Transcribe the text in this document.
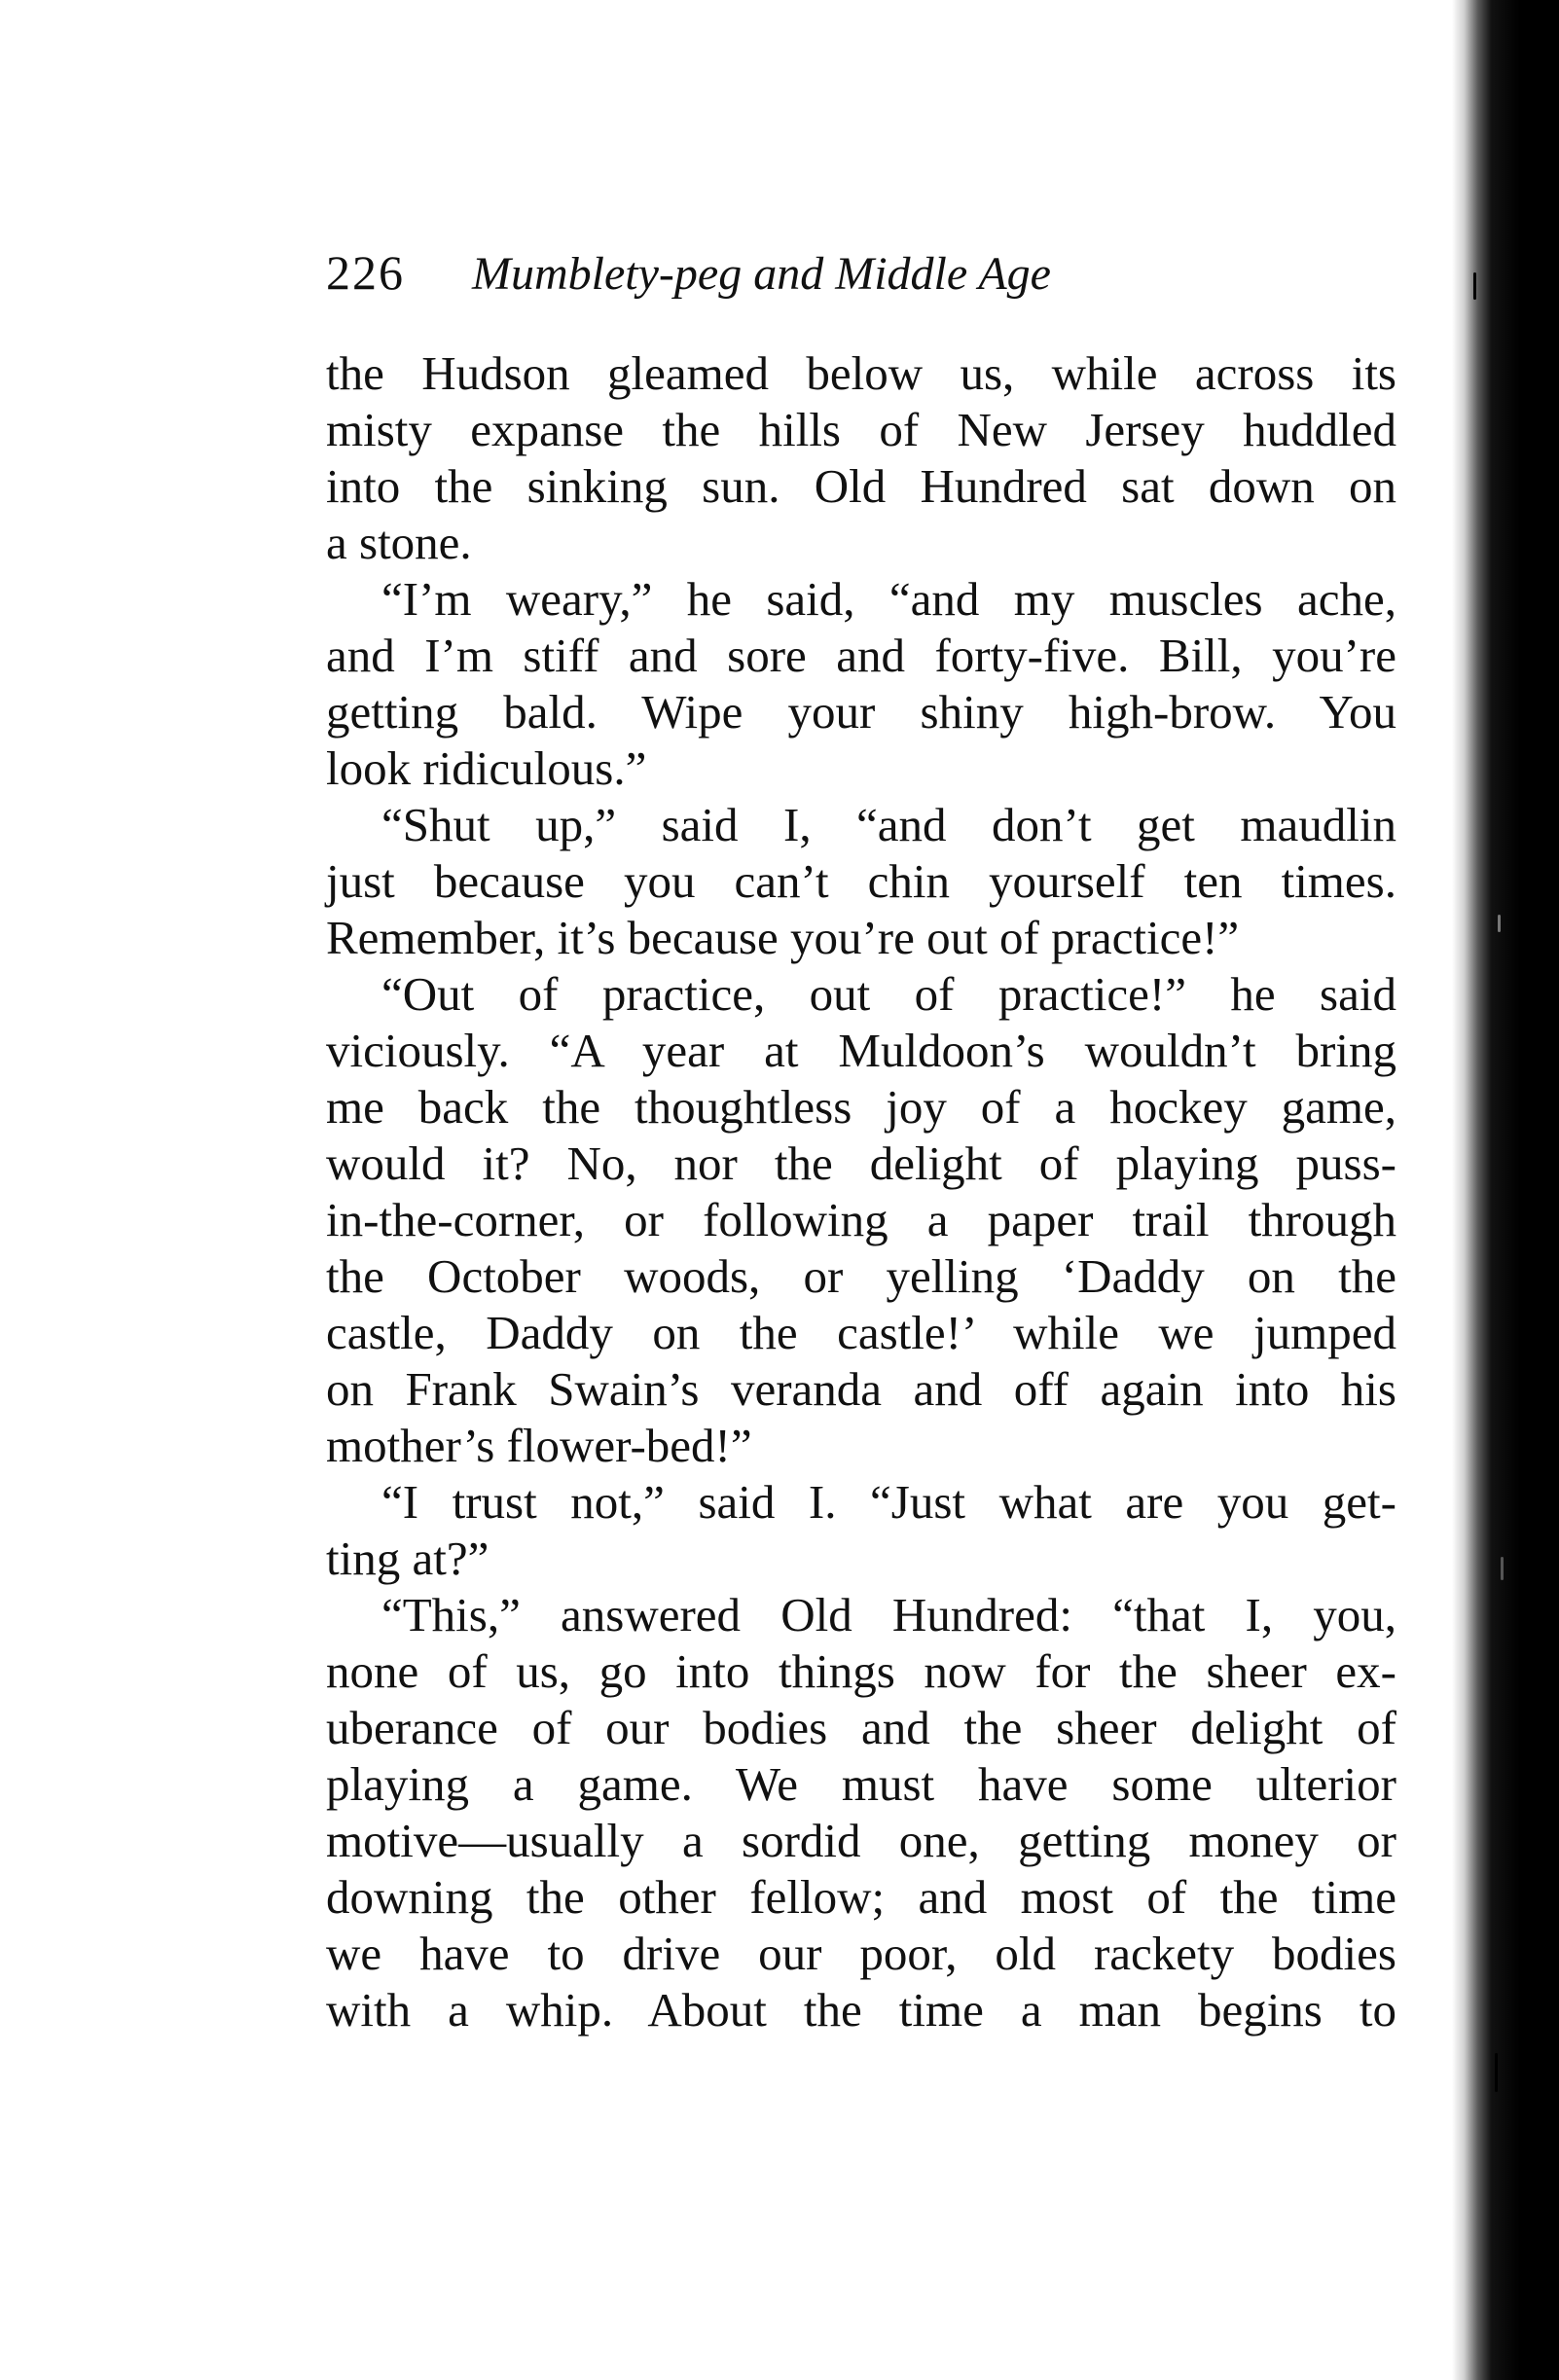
226 Mumblety-peg and Middle Age
the Hudson gleamed below us, while across its
misty expanse the hills of New Jersey huddled
into the sinking sun. Old Hundred sat down on
a stone.
“I’m weary,” he said, “and my muscles ache,
and I’m stiff and sore and forty-five. Bill, you’re
getting bald. Wipe your shiny high-brow. You
look ridiculous.”
“Shut up,” said I, “and don’t get maudlin
just because you can’t chin yourself ten times.
Remember, it’s because you’re out of practice!”
“Out of practice, out of practice!” he said
viciously. “A year at Muldoon’s wouldn’t bring
me back the thoughtless joy of a hockey game,
would it? No, nor the delight of playing puss-
in-the-corner, or following a paper trail through
the October woods, or yelling ‘Daddy on the
castle, Daddy on the castle!’ while we jumped
on Frank Swain’s veranda and off again into his
mother’s flower-bed!”
“I trust not,” said I. “Just what are you get-
ting at?”
“This,” answered Old Hundred: “that I, you,
none of us, go into things now for the sheer ex-
uberance of our bodies and the sheer delight of
playing a game. We must have some ulterior
motive—usually a sordid one, getting money or
downing the other fellow; and most of the time
we have to drive our poor, old rackety bodies
with a whip. About the time a man begins to
